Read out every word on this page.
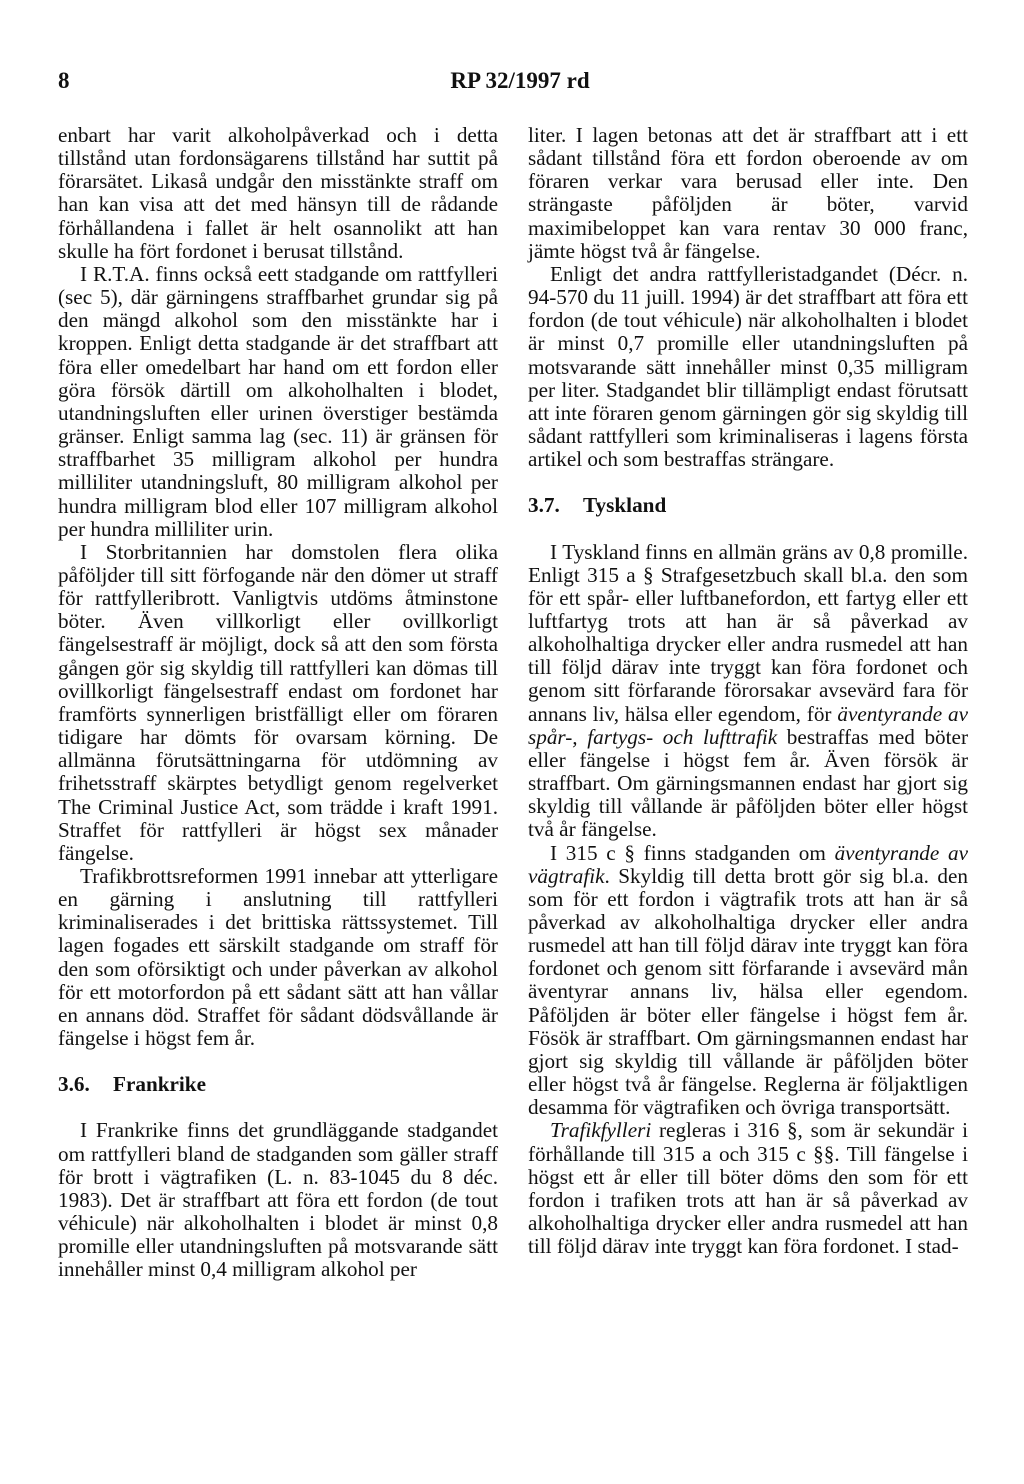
8	RP 32/1997 rd

enbart har varit alkoholpåverkad och i detta tillstånd utan fordonsägarens tillstånd har suttit på förarsätet. Likaså undgår den misstänkte straff om han kan visa att det med hänsyn till de rådande förhållandena i fallet är helt osannolikt att han skulle ha fört fordonet i berusat tillstånd.

I R.T.A. finns också eett stadgande om rattfylleri (sec 5), där gärningens straffbarhet grundar sig på den mängd alkohol som den misstänkte har i kroppen. Enligt detta stadgande är det straffbart att föra eller omedelbart har hand om ett fordon eller göra försök därtill om alkoholhalten i blodet, utandningsluften eller urinen överstiger bestämda gränser. Enligt samma lag (sec. 11) är gränsen för straffbarhet 35 milligram alkohol per hundra milliliter utandningsluft, 80 milligram alkohol per hundra milligram blod eller 107 milligram alkohol per hundra milliliter urin.

I Storbritannien har domstolen flera olika påföljder till sitt förfogande när den dömer ut straff för rattfylleribrott. Vanligtvis utdöms åtminstone böter. Även villkorligt eller ovillkorligt fängelsestraff är möjligt, dock så att den som första gången gör sig skyldig till rattfylleri kan dömas till ovillkorligt fängelsestraff endast om fordonet har framförts synnerligen bristfälligt eller om föraren tidigare har dömts för ovarsam körning. De allmänna förutsättningarna för utdömning av frihetsstraff skärptes betydligt genom regelverket The Criminal Justice Act, som trädde i kraft 1991. Straffet för rattfylleri är högst sex månader fängelse.

Trafikbrottsreformen 1991 innebar att ytterligare en gärning i anslutning till rattfylleri kriminaliserades i det brittiska rättssystemet. Till lagen fogades ett särskilt stadgande om straff för den som oförsiktigt och under påverkan av alkohol för ett motorfordon på ett sådant sätt att han vållar en annans död. Straffet för sådant dödsvållande är fängelse i högst fem år.

3.6. Frankrike

I Frankrike finns det grundläggande stadgandet om rattfylleri bland de stadganden som gäller straff för brott i vägtrafiken (L. n. 83-1045 du 8 déc. 1983). Det är straffbart att föra ett fordon (de tout véhicule) när alkoholhalten i blodet är minst 0,8 promille eller utandningsluften på motsvarande sätt innehåller minst 0,4 milligram alkohol per

liter. I lagen betonas att det är straffbart att i ett sådant tillstånd föra ett fordon oberoende av om föraren verkar vara berusad eller inte. Den strängaste påföljden är böter, varvid maximibeloppet kan vara rentav 30 000 franc, jämte högst två år fängelse.

Enligt det andra rattfylleristadgandet (Décr. n. 94-570 du 11 juill. 1994) är det straffbart att föra ett fordon (de tout véhicule) när alkoholhalten i blodet är minst 0,7 promille eller utandningsluften på motsvarande sätt innehåller minst 0,35 milligram per liter. Stadgandet blir tillämpligt endast förutsatt att inte föraren genom gärningen gör sig skyldig till sådant rattfylleri som kriminaliseras i lagens första artikel och som bestraffas strängare.

3.7. Tyskland

I Tyskland finns en allmän gräns av 0,8 promille. Enligt 315 a § Strafgesetzbuch skall bl.a. den som för ett spår- eller luftbanefordon, ett fartyg eller ett luftfartyg trots att han är så påverkad av alkoholhaltiga drycker eller andra rusmedel att han till följd därav inte tryggt kan föra fordonet och genom sitt förfarande förorsakar avsevärd fara för annans liv, hälsa eller egendom, för äventyrande av spår-, fartygs- och lufttrafik bestraffas med böter eller fängelse i högst fem år. Även försök är straffbart. Om gärningsmannen endast har gjort sig skyldig till vållande är påföljden böter eller högst två år fängelse.

I 315 c § finns stadganden om äventyrande av vägtrafik. Skyldig till detta brott gör sig bl.a. den som för ett fordon i vägtrafik trots att han är så påverkad av alkoholhaltiga drycker eller andra rusmedel att han till följd därav inte tryggt kan föra fordonet och genom sitt förfarande i avsevärd mån äventyrar annans liv, hälsa eller egendom. Påföljden är böter eller fängelse i högst fem år. Fösök är straffbart. Om gärningsmannen endast har gjort sig skyldig till vållande är påföljden böter eller högst två år fängelse. Reglerna är följaktligen desamma för vägtrafiken och övriga transportsätt.

Trafikfylleri regleras i 316 §, som är sekundär i förhållande till 315 a och 315 c §§. Till fängelse i högst ett år eller till böter döms den som för ett fordon i trafiken trots att han är så påverkad av alkoholhaltiga drycker eller andra rusmedel att han till följd därav inte tryggt kan föra fordonet. I stad-
